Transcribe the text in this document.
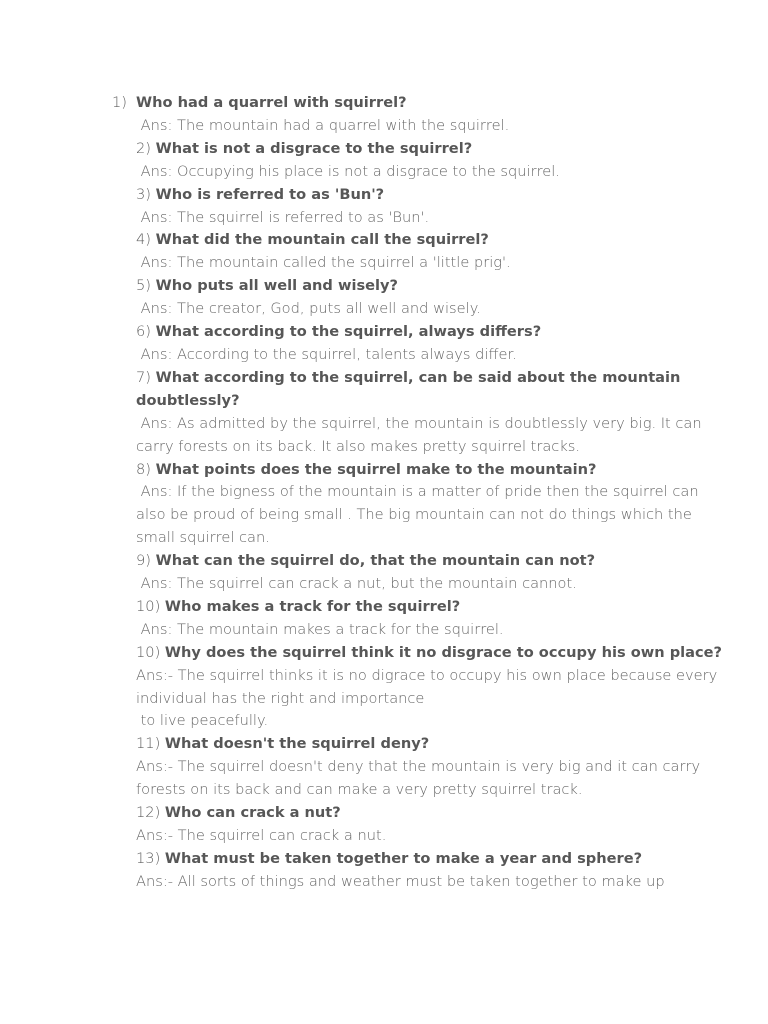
1) Who had a quarrel with squirrel?
Ans: The mountain had a quarrel with the squirrel.
2) What is not a disgrace to the squirrel?
Ans: Occupying his place is not a disgrace to the squirrel.
3) Who is referred to as 'Bun'?
Ans: The squirrel is referred to as 'Bun'.
4) What did the mountain call the squirrel?
Ans: The mountain called the squirrel a 'little prig'.
5) Who puts all well and wisely?
Ans: The creator, God, puts all well and wisely.
6) What according to the squirrel, always differs?
Ans: According to the squirrel, talents always differ.
7) What according to the squirrel, can be said about the mountain doubtlessly?
Ans: As admitted by the squirrel, the mountain is doubtlessly very big. It can carry forests on its back. It also makes pretty squirrel tracks.
8) What points does the squirrel make to the mountain?
Ans: If the bigness of the mountain is a matter of pride then the squirrel can also be proud of being small . The big mountain can not do things which the small squirrel can.
9) What can the squirrel do, that the mountain can not?
Ans: The squirrel can crack a nut, but the mountain cannot.
10) Who makes a track for the squirrel?
Ans: The mountain makes a track for the squirrel.
10) Why does the squirrel think it no disgrace to occupy his own place?
Ans:- The squirrel thinks it is no digrace to occupy his own place because every individual has the right and importance
to live peacefully.
11) What doesn't the squirrel deny?
Ans:- The squirrel doesn't deny that the mountain is very big and it can carry  forests on its back and can make a very pretty squirrel track.
12) Who can crack a nut?
Ans:- The squirrel can crack a nut.
13) What must be taken together to make a year and sphere?
Ans:- All sorts of things and weather must be taken together to make up
